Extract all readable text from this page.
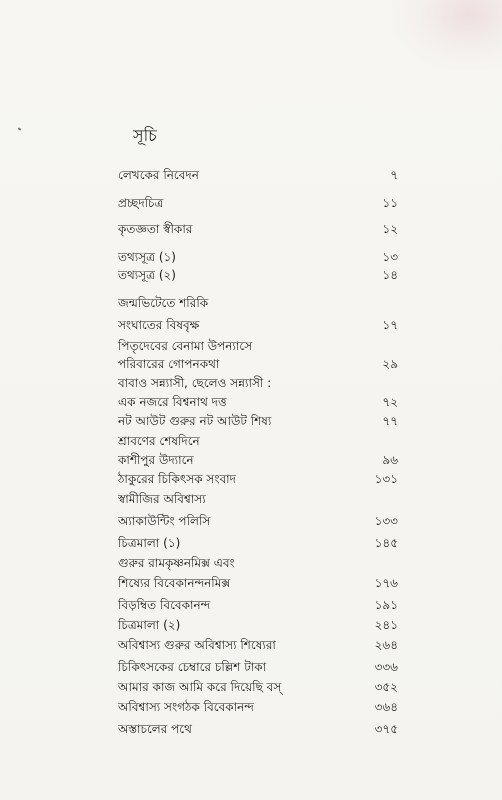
সূচি
লেখকের নিবেদন	৭
প্রচ্ছদচিত্র	১১
কৃতজ্ঞতা স্বীকার	১২
তথ্যসূত্র (১)	১৩
তথ্যসূত্র (২)	১৪
জন্মভিটেতে শরিকি
সংঘাতের বিষবৃক্ষ	১৭
পিতৃদেবের বেনামা উপন্যাসে
পরিবারের গোপনকথা	২৯
বাবাও সন্ন্যাসী, ছেলেও সন্ন্যাসী :
এক নজরে বিশ্বনাথ দত্ত	৭২
নট আউট গুরুর নট আউট শিষ্য	৭৭
শ্রাবণের শেষদিনে
কাশীপুর উদ্যানে	৯৬
ঠাকুরের চিকিৎসক সংবাদ	১৩১
স্বামীজির অবিশ্বাস্য
অ্যাকাউন্টিং পলিসি	১৩৩
চিত্রমালা (১)	১৪৫
গুরুর রামকৃষ্ণনমিক্স এবং
শিষ্যের বিবেকানন্দনমিক্স	১৭৬
বিড়ম্বিত বিবেকানন্দ	১৯১
চিত্রমালা (২)	২৪১
অবিশ্বাস্য গুরুর অবিশ্বাস্য শিষ্যেরা	২৬৪
চিকিৎসকের চেম্বারে চল্লিশ টাকা	৩৩৬
আমার কাজ আমি করে দিয়েছি বস্	৩৫২
অবিশ্বাস্য সংগঠক বিবেকানন্দ	৩৬৪
অস্তাচলের পথে	৩৭৫
